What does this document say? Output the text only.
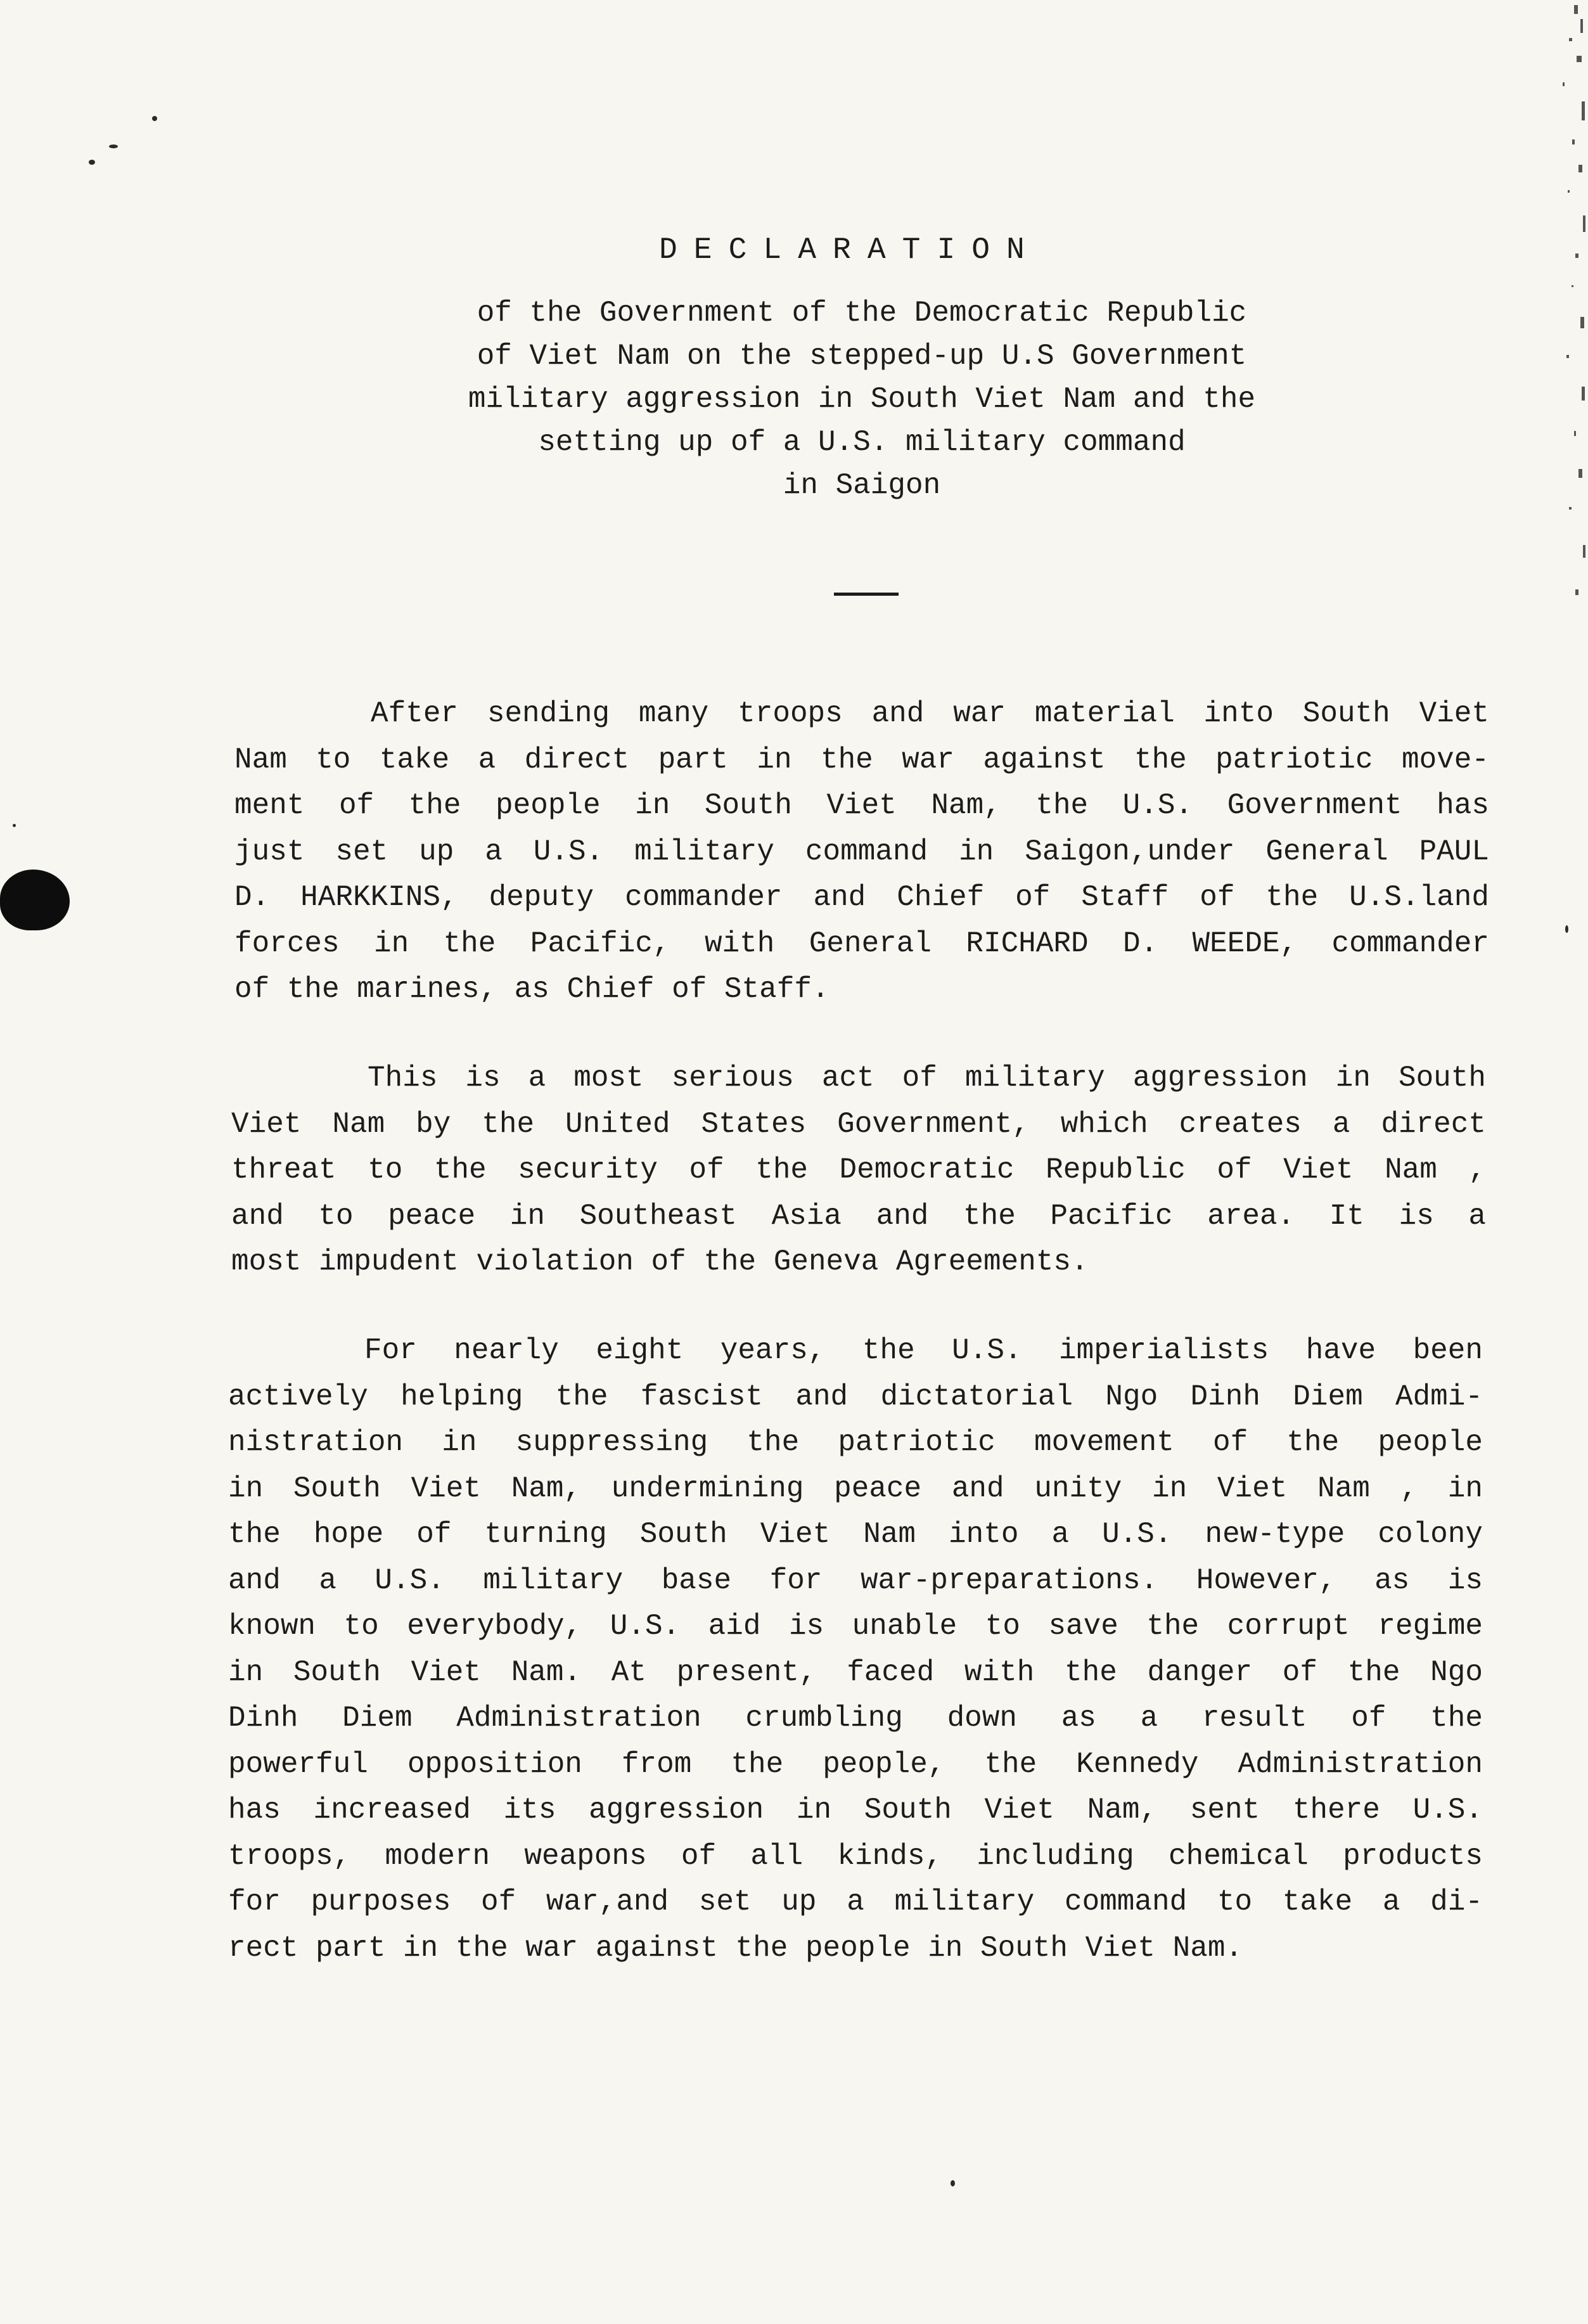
DECLARATION
of the Government of the Democratic Republic
of Viet Nam on the stepped-up U.S Government
military aggression in South Viet Nam and the
setting up of a U.S. military command
in Saigon
After sending many troops and war material into South Viet
Nam to take a direct part in the war against the patriotic move-
ment of the people in South Viet Nam, the U.S. Government has
just set up a U.S. military command in Saigon,under General PAUL
D. HARKKINS, deputy commander and Chief of Staff of the U.S.land
forces in the Pacific, with General RICHARD D. WEEDE, commander
of the marines, as Chief of Staff.
This is a most serious act of military aggression in South
Viet Nam by the United States Government, which creates a direct
threat to the security of the Democratic Republic of Viet Nam ,
and to peace in Southeast Asia and the Pacific area. It is a
most impudent violation of the Geneva Agreements.
For nearly eight years, the U.S. imperialists have been
actively helping the fascist and dictatorial Ngo Dinh Diem Admi-
nistration in suppressing the patriotic movement of the people
in South Viet Nam, undermining peace and unity in Viet Nam , in
the hope of turning South Viet Nam into a U.S. new-type colony
and a U.S. military base for war-preparations. However, as is
known to everybody, U.S. aid is unable to save the corrupt regime
in South Viet Nam. At present, faced with the danger of the Ngo
Dinh Diem Administration crumbling down as a result of the
powerful opposition from the people, the Kennedy Administration
has increased its aggression in South Viet Nam, sent there U.S.
troops, modern weapons of all kinds, including chemical products
for purposes of war,and set up a military command to take a di-
rect part in the war against the people in South Viet Nam.
